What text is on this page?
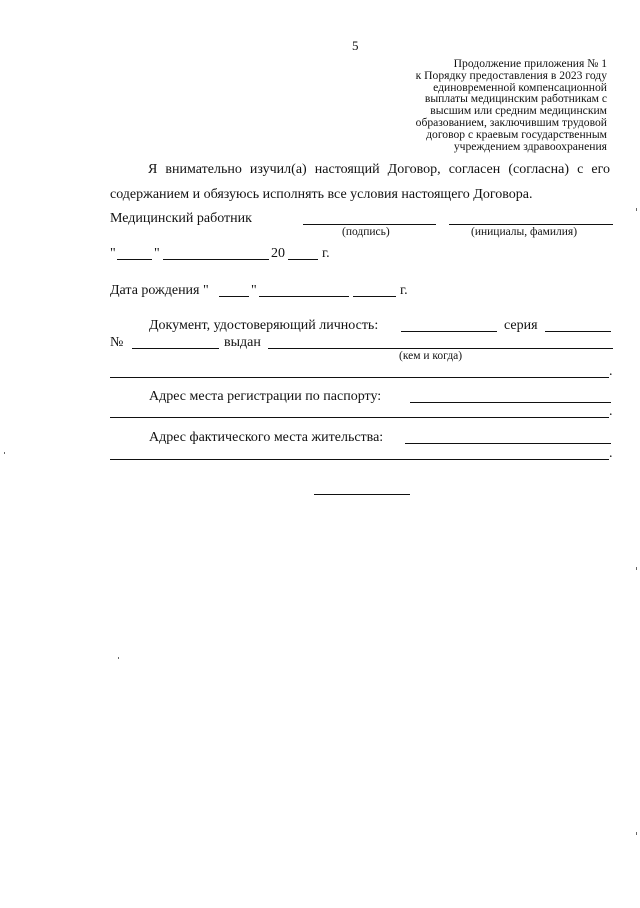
5
Продолжение приложения № 1
к Порядку предоставления в 2023 году
единовременной компенсационной
выплаты медицинским работникам с
высшим или средним медицинским
образованием, заключившим трудовой
договор с краевым государственным
учреждением здравоохранения
Я внимательно изучил(а) настоящий Договор, согласен (согласна) с его содержанием и обязуюсь исполнять все условия настоящего Договора.
Медицинский работник
(подпись)	(инициалы, фамилия)
"	"	20	г.
Дата рождения "	"	г.
Документ, удостоверяющий личность:	серия
№	выдан
(кем и когда)
.
Адрес места регистрации по паспорту:
.
Адрес фактического места жительства:
.
